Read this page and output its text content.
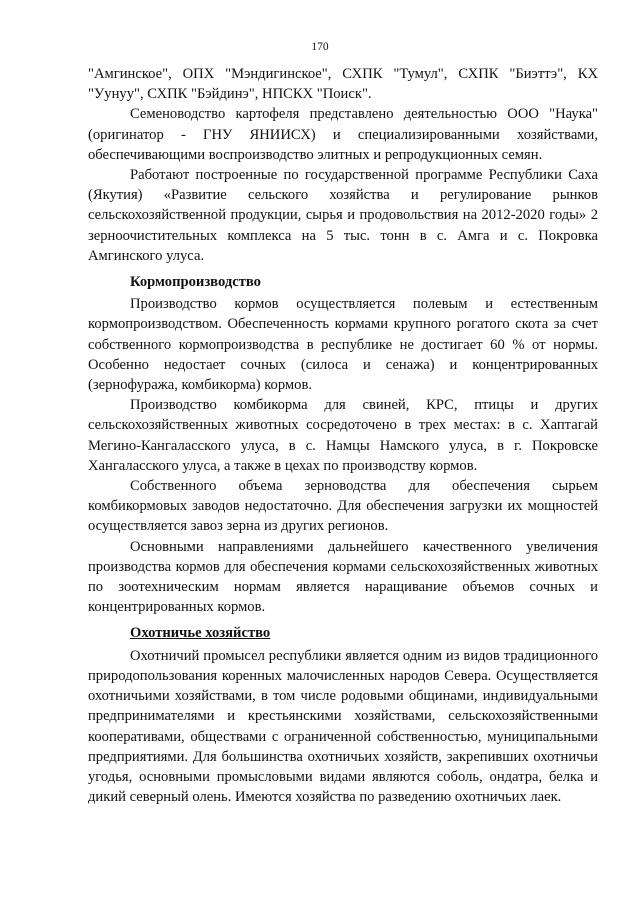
170

"Амгинское", ОПХ "Мэндигинское", СХПК "Тумул", СХПК "Биэттэ", КХ "Уунуу", СХПК "Бэйдинэ", НПСКХ "Поиск".

Семеноводство картофеля представлено деятельностью ООО "Наука" (оригинатор - ГНУ ЯНИИСХ) и специализированными хозяйствами, обеспечивающими воспроизводство элитных и репродукционных семян.

Работают построенные по государственной программе Республики Саха (Якутия) «Развитие сельского хозяйства и регулирование рынков сельскохозяйственной продукции, сырья и продовольствия на 2012-2020 годы» 2 зерноочистительных комплекса на 5 тыс. тонн в с. Амга и с. Покровка Амгинского улуса.

Кормопроизводство

Производство кормов осуществляется полевым и естественным кормопроизводством. Обеспеченность кормами крупного рогатого скота за счет собственного кормопроизводства в республике не достигает 60 % от нормы. Особенно недостает сочных (силоса и сенажа) и концентрированных (зернофуража, комбикорма) кормов.

Производство комбикорма для свиней, КРС, птицы и других сельскохозяйственных животных сосредоточено в трех местах: в с. Хаптагай Мегино-Кангаласского улуса, в с. Намцы Намского улуса, в г. Покровске Хангаласского улуса, а также в цехах по производству кормов.

Собственного объема зерноводства для обеспечения сырьем комбикормовых заводов недостаточно. Для обеспечения загрузки их мощностей осуществляется завоз зерна из других регионов.

Основными направлениями дальнейшего качественного увеличения производства кормов для обеспечения кормами сельскохозяйственных животных по зоотехническим нормам является наращивание объемов сочных и концентрированных кормов.

Охотничье хозяйство

Охотничий промысел республики является одним из видов традиционного природопользования коренных малочисленных народов Севера. Осуществляется охотничьими хозяйствами, в том числе родовыми общинами, индивидуальными предпринимателями и крестьянскими хозяйствами, сельскохозяйственными кооперативами, обществами с ограниченной собственностью, муниципальными предприятиями. Для большинства охотничьих хозяйств, закрепивших охотничьи угодья, основными промысловыми видами являются соболь, ондатра, белка и дикий северный олень. Имеются хозяйства по разведению охотничьих лаек.
